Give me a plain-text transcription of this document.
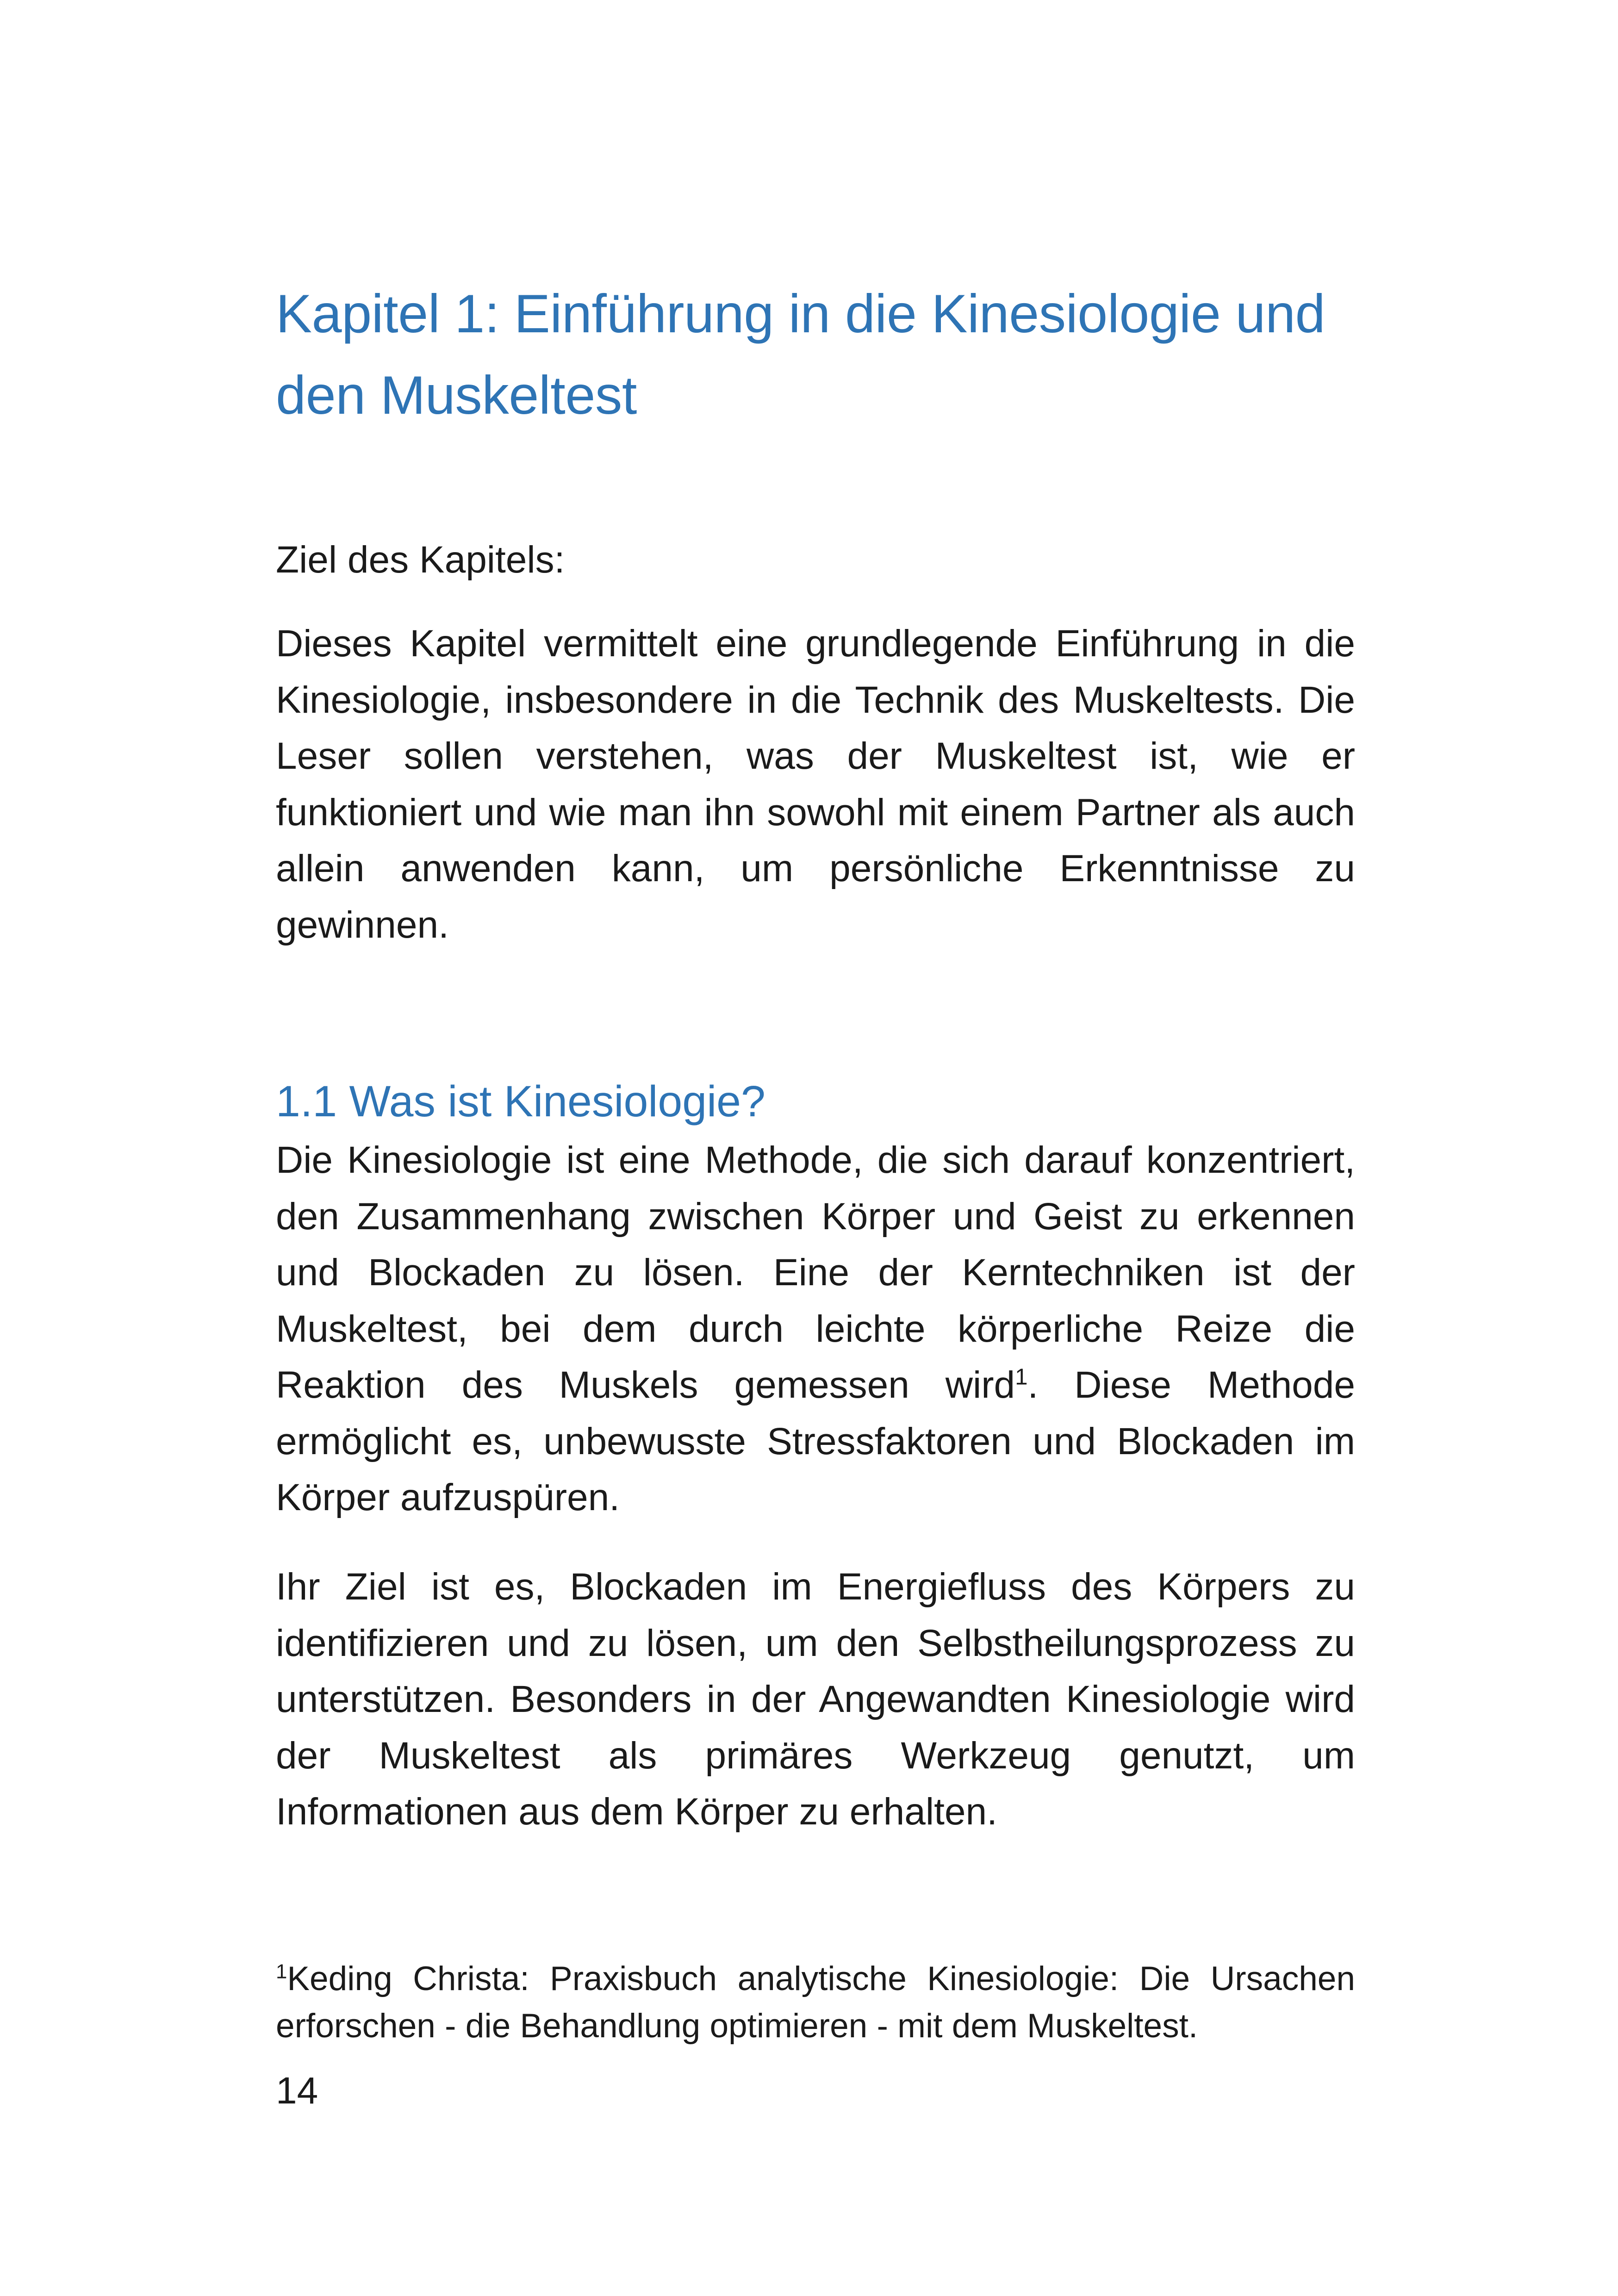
Kapitel 1: Einführung in die Kinesiologie und den Muskeltest

Ziel des Kapitels:

Dieses Kapitel vermittelt eine grundlegende Einführung in die Kinesiologie, insbesondere in die Technik des Muskeltests. Die Leser sollen verstehen, was der Muskeltest ist, wie er funktioniert und wie man ihn sowohl mit einem Partner als auch allein anwenden kann, um persönliche Erkenntnisse zu gewinnen.

1.1 Was ist Kinesiologie?

Die Kinesiologie ist eine Methode, die sich darauf konzentriert, den Zusammenhang zwischen Körper und Geist zu erkennen und Blockaden zu lösen. Eine der Kerntechniken ist der Muskeltest, bei dem durch leichte körperliche Reize die Reaktion des Muskels gemessen wird$^1$. Diese Methode ermöglicht es, unbewusste Stressfaktoren und Blockaden im Körper aufzuspüren.

Ihr Ziel ist es, Blockaden im Energiefluss des Körpers zu identifizieren und zu lösen, um den Selbstheilungsprozess zu unterstützen. Besonders in der Angewandten Kinesiologie wird der Muskeltest als primäres Werkzeug genutzt, um Informationen aus dem Körper zu erhalten.

$^1$Keding Christa: Praxisbuch analytische Kinesiologie: Die Ursachen erforschen - die Behandlung optimieren - mit dem Muskeltest.

14
